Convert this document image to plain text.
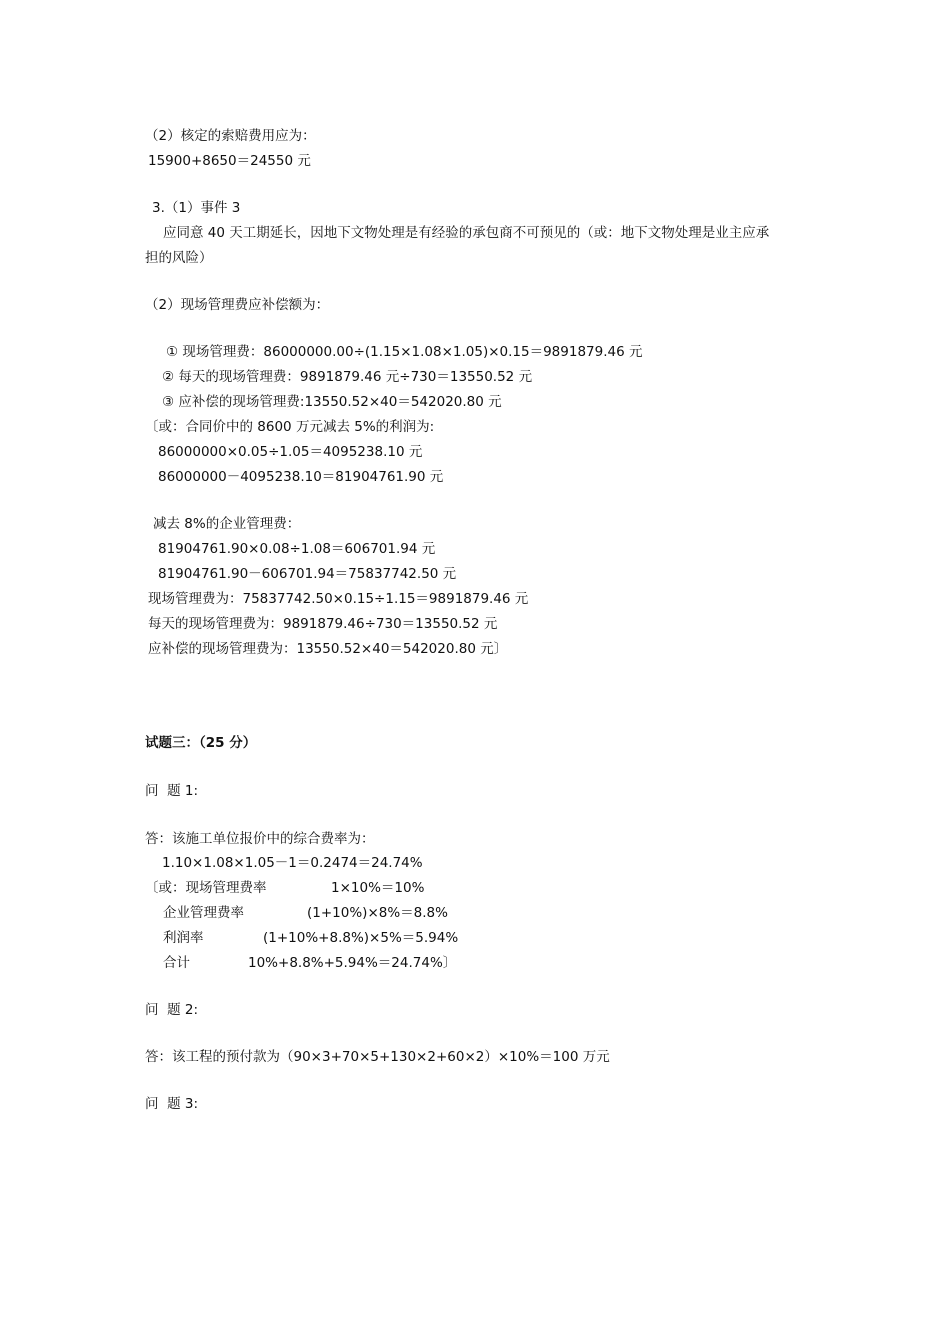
（2）核定的索赔费用应为：
15900+8650＝24550 元
3.（1）事件 3
应同意 40 天工期延长，因地下文物处理是有经验的承包商不可预见的（或：地下文物处理是业主应承
担的风险）
（2）现场管理费应补偿额为：
① 现场管理费：86000000.00÷(1.15×1.08×1.05)×0.15＝9891879.46 元
② 每天的现场管理费：9891879.46 元÷730＝13550.52 元
③ 应补偿的现场管理费:13550.52×40＝542020.80 元
〔或：合同价中的 8600 万元减去 5%的利润为:
86000000×0.05÷1.05＝4095238.10 元
86000000－4095238.10＝81904761.90 元
减去 8%的企业管理费：
81904761.90×0.08÷1.08＝606701.94 元
81904761.90－606701.94＝75837742.50 元
现场管理费为：75837742.50×0.15÷1.15＝9891879.46 元
每天的现场管理费为：9891879.46÷730＝13550.52 元
应补偿的现场管理费为：13550.52×40＝542020.80 元〕
试题三：（25 分）
问  题 1:
答：该施工单位报价中的综合费率为：
1.10×1.08×1.05－1＝0.2474＝24.74%
〔或：现场管理费率	1×10%＝10%
企业管理费率	(1+10%)×8%＝8.8%
利润率	(1+10%+8.8%)×5%＝5.94%
合计	10%+8.8%+5.94%＝24.74%〕
问  题 2:
答：该工程的预付款为（90×3+70×5+130×2+60×2）×10%＝100 万元
问  题 3:
